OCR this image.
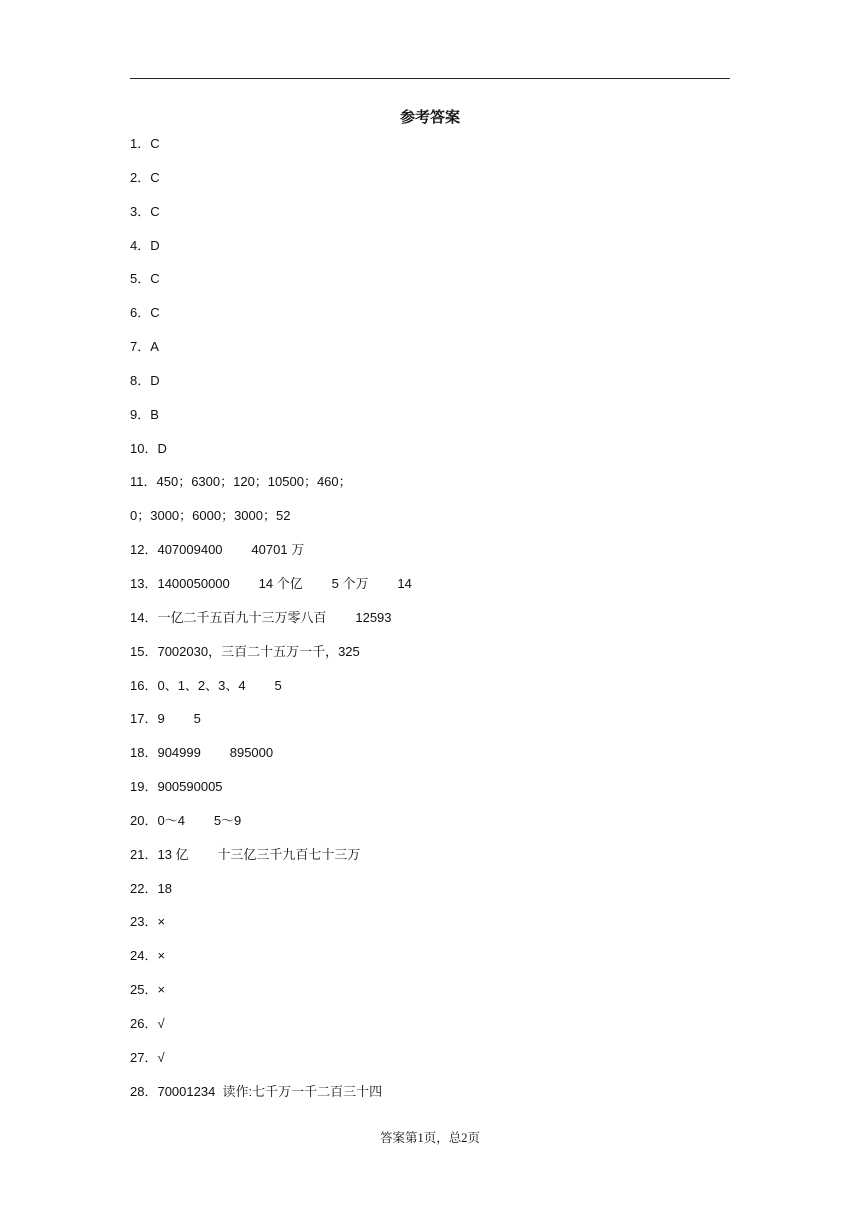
参考答案
1．C
2．C
3．C
4．D
5．C
6．C
7．A
8．D
9．B
10．D
11．450；6300；120；10500；460；
0；3000；6000；3000；52
12．407009400        40701 万
13．1400050000        14 个亿        5 个万        14
14．一亿二千五百九十三万零八百        12593
15．7002030，三百二十五万一千，325
16．0、1、2、3、4        5
17．9        5
18．904999        895000
19．900590005
20．0～4        5～9
21．13 亿        十三亿三千九百七十三万
22．18
23．×
24．×
25．×
26．√
27．√
28．70001234  读作:七千万一千二百三十四
答案第1页，总2页
